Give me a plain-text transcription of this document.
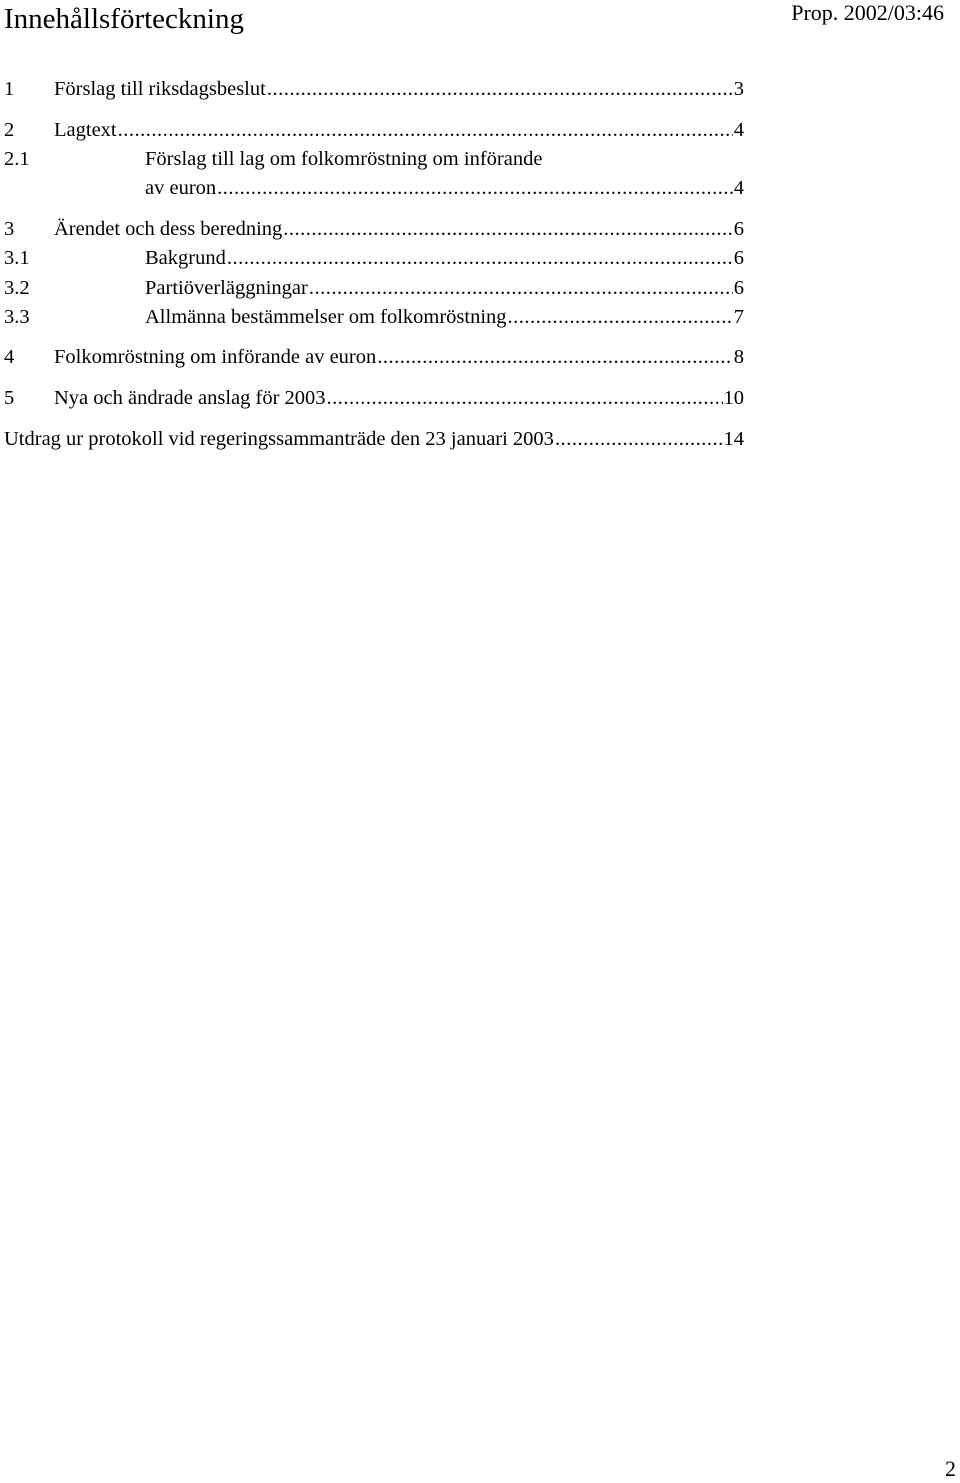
Innehållsförteckning	Prop. 2002/03:46
1	Förslag till riksdagsbeslut .....	3
2	Lagtext .....	4
2.1	Förslag till lag om folkomröstning om införande
av euron .....	4
3	Ärendet och dess beredning .....	6
3.1	Bakgrund .....	6
3.2	Partiöverläggningar .....	6
3.3	Allmänna bestämmelser om folkomröstning .....	7
4	Folkomröstning om införande av euron .....	8
5	Nya och ändrade anslag för 2003 .....	10
Utdrag ur protokoll vid regeringssammanträde den 23 januari 2003 .....	14
2
